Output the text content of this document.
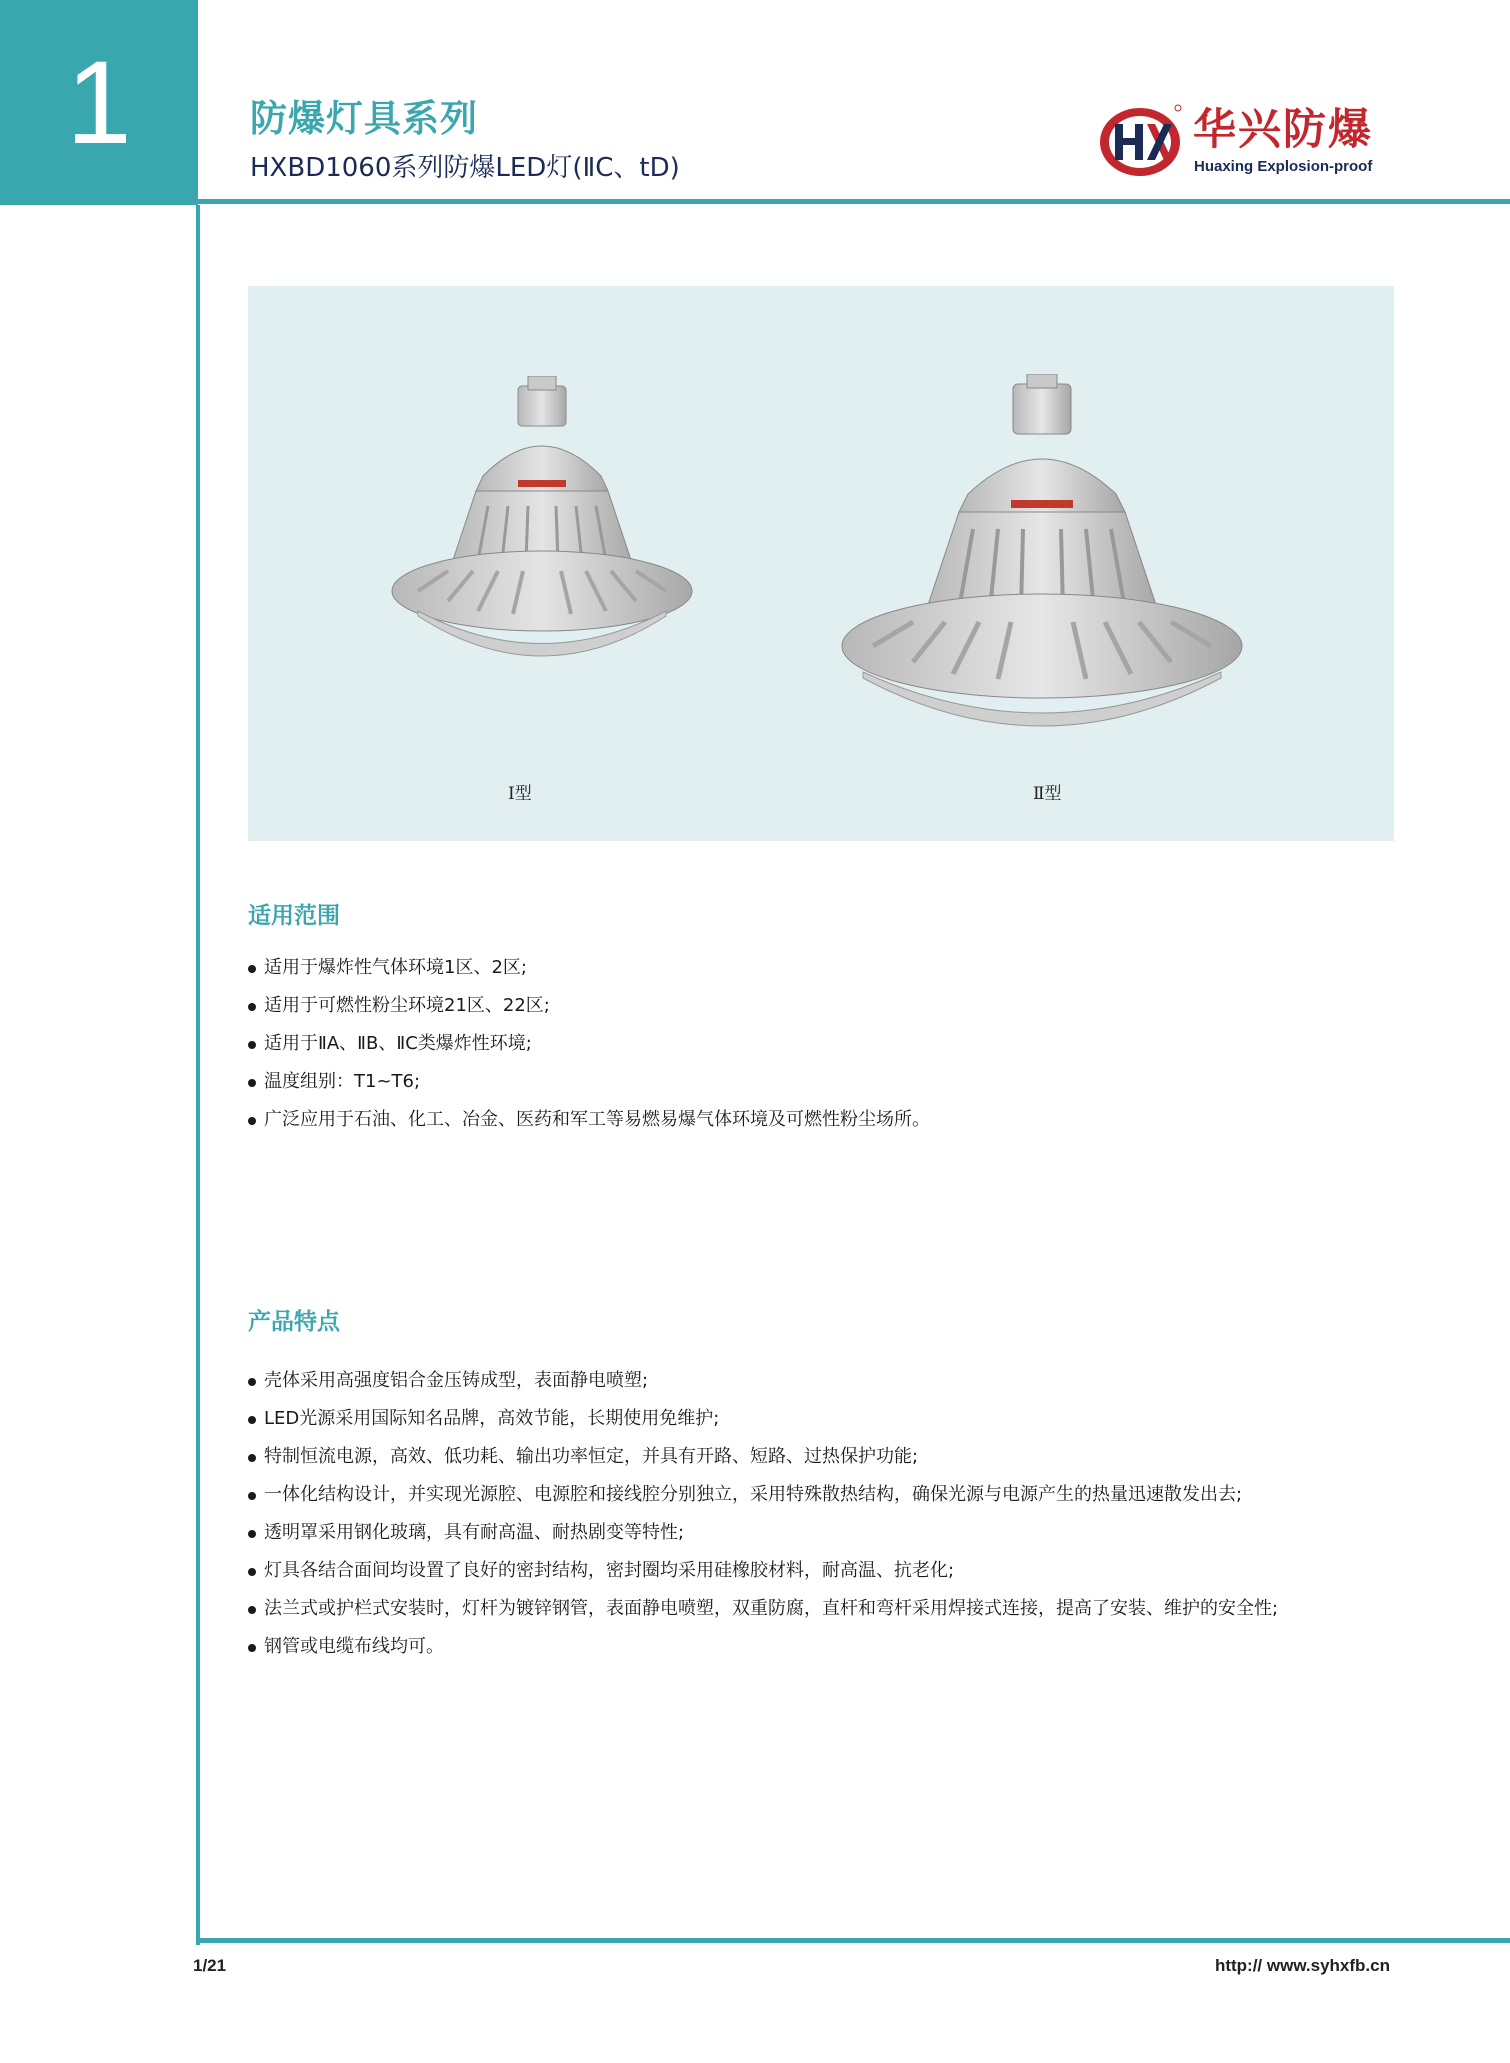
1	防爆灯具系列
HXBD1060系列防爆LED灯(ⅡC、tD)
华兴防爆
Huaxing Explosion-proof
Ⅰ型	Ⅱ型
适用范围
适用于爆炸性气体环境1区、2区;
适用于可燃性粉尘环境21区、22区;
适用于ⅡA、ⅡB、ⅡC类爆炸性环境;
温度组别：T1~T6;
广泛应用于石油、化工、冶金、医药和军工等易燃易爆气体环境及可燃性粉尘场所。
产品特点
壳体采用高强度铝合金压铸成型，表面静电喷塑;
LED光源采用国际知名品牌，高效节能，长期使用免维护;
特制恒流电源，高效、低功耗、输出功率恒定，并具有开路、短路、过热保护功能;
一体化结构设计，并实现光源腔、电源腔和接线腔分别独立，采用特殊散热结构，确保光源与电源产生的热量迅速散发出去;
透明罩采用钢化玻璃，具有耐高温、耐热剧变等特性;
灯具各结合面间均设置了良好的密封结构，密封圈均采用硅橡胶材料，耐高温、抗老化;
法兰式或护栏式安装时，灯杆为镀锌钢管，表面静电喷塑，双重防腐，直杆和弯杆采用焊接式连接，提高了安装、维护的安全性;
钢管或电缆布线均可。
1/21	http:// www.syhxfb.cn
